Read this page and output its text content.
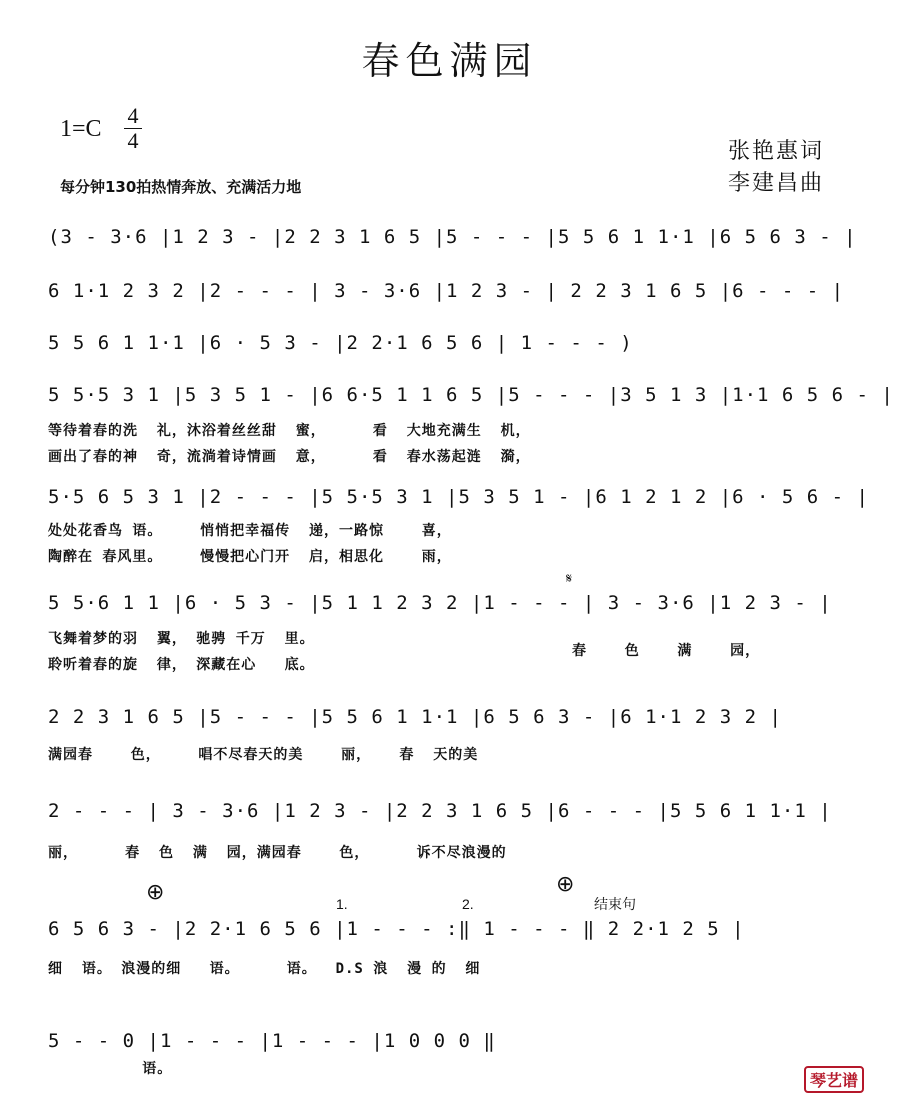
春色满园
1=C
4
4	张艳惠词
李建昌曲
每分钟130拍热情奔放、充满活力地
(3 - 3·6 |1 2 3 - |2 2 3 1 6 5 |5 - - - |5 5 6 1 1·1 |6 5 6 3 - |
6 1·1 2 3 2 |2 - - - | 3 - 3·6 |1 2 3 - | 2 2 3 1 6 5 |6 - - - |
5 5 6 1 1·1 |6 · 5 3 - |2 2·1 6 5 6 | 1 - - - )
5 5·5 3 1 |5 3 5 1 - |6 6·5 1 1 6 5 |5 - - - |3 5 1 3 |1·1 6 5 6 - |
等待着春的洗  礼，沐浴着丝丝甜  蜜，     看  大地充满生  机，
画出了春的神  奇，流淌着诗情画  意，     看  春水荡起涟  漪，
5·5 6 5 3 1 |2 - - - |5 5·5 3 1 |5 3 5 1 - |6 1 2 1 2 |6 · 5 6 - |
处处花香鸟 语。    悄悄把幸福传  递，一路惊    喜，
陶醉在 春风里。    慢慢把心门开  启，相思化    雨，
𝄋
5 5·6 1 1 |6 · 5 3 - |5 1 1 2 3 2 |1 - - - | 3 - 3·6 |1 2 3 - |
飞舞着梦的羽  翼， 驰骋 千万  里。
聆听着春的旋  律， 深藏在心   底。
春    色    满    园，
2 2 3 1 6 5 |5 - - - |5 5 6 1 1·1 |6 5 6 3 - |6 1·1 2 3 2 |
满园春    色，    唱不尽春天的美    丽，   春  天的美
2 - - - | 3 - 3·6 |1 2 3 - |2 2 3 1 6 5 |6 - - - |5 5 6 1 1·1 |
丽，     春  色  满  园，满园春    色，     诉不尽浪漫的
⊕	⊕
1.	2.	结束句
6 5 6 3 - |2 2·1 6 5 6 |1 - - - :‖ 1 - - - ‖ 2 2·1 2 5 |
细  语。 浪漫的细   语。     语。  D.S 浪  漫 的  细
5 - - 0 |1 - - - |1 - - - |1 0 0 0 ‖
语。
琴艺谱
